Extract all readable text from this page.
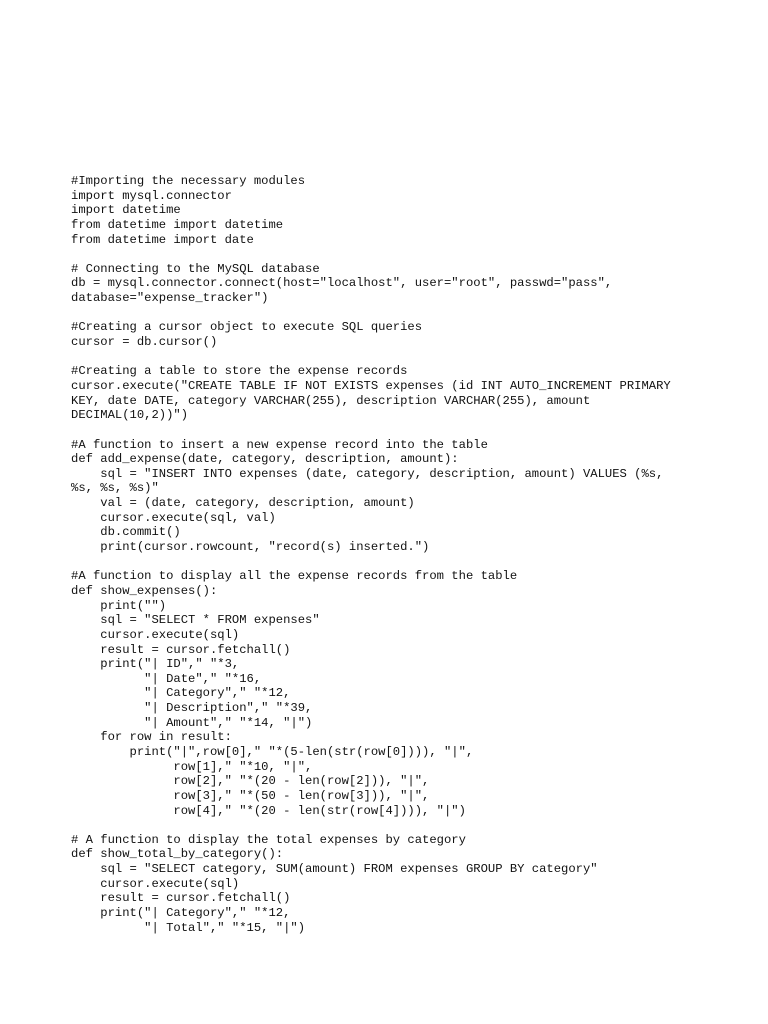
#Importing the necessary modules
import mysql.connector
import datetime
from datetime import datetime
from datetime import date
# Connecting to the MySQL database
db = mysql.connector.connect(host="localhost", user="root", passwd="pass",
database="expense_tracker")
#Creating a cursor object to execute SQL queries
cursor = db.cursor()
#Creating a table to store the expense records
cursor.execute("CREATE TABLE IF NOT EXISTS expenses (id INT AUTO_INCREMENT PRIMARY
KEY, date DATE, category VARCHAR(255), description VARCHAR(255), amount
DECIMAL(10,2))")
#A function to insert a new expense record into the table
def add_expense(date, category, description, amount):
sql = "INSERT INTO expenses (date, category, description, amount) VALUES (%s,
%s, %s, %s)"
val = (date, category, description, amount)
cursor.execute(sql, val)
db.commit()
print(cursor.rowcount, "record(s) inserted.")
#A function to display all the expense records from the table
def show_expenses():
print("")
sql = "SELECT * FROM expenses"
cursor.execute(sql)
result = cursor.fetchall()
print("| ID"," "*3,
"| Date"," "*16,
"| Category"," "*12,
"| Description"," "*39,
"| Amount"," "*14, "|")
for row in result:
print("|",row[0]," "*(5-len(str(row[0]))), "|",
row[1]," "*10, "|",
row[2]," "*(20 - len(row[2])), "|",
row[3]," "*(50 - len(row[3])), "|",
row[4]," "*(20 - len(str(row[4]))), "|")
# A function to display the total expenses by category
def show_total_by_category():
sql = "SELECT category, SUM(amount) FROM expenses GROUP BY category"
cursor.execute(sql)
result = cursor.fetchall()
print("| Category"," "*12,
"| Total"," "*15, "|")
